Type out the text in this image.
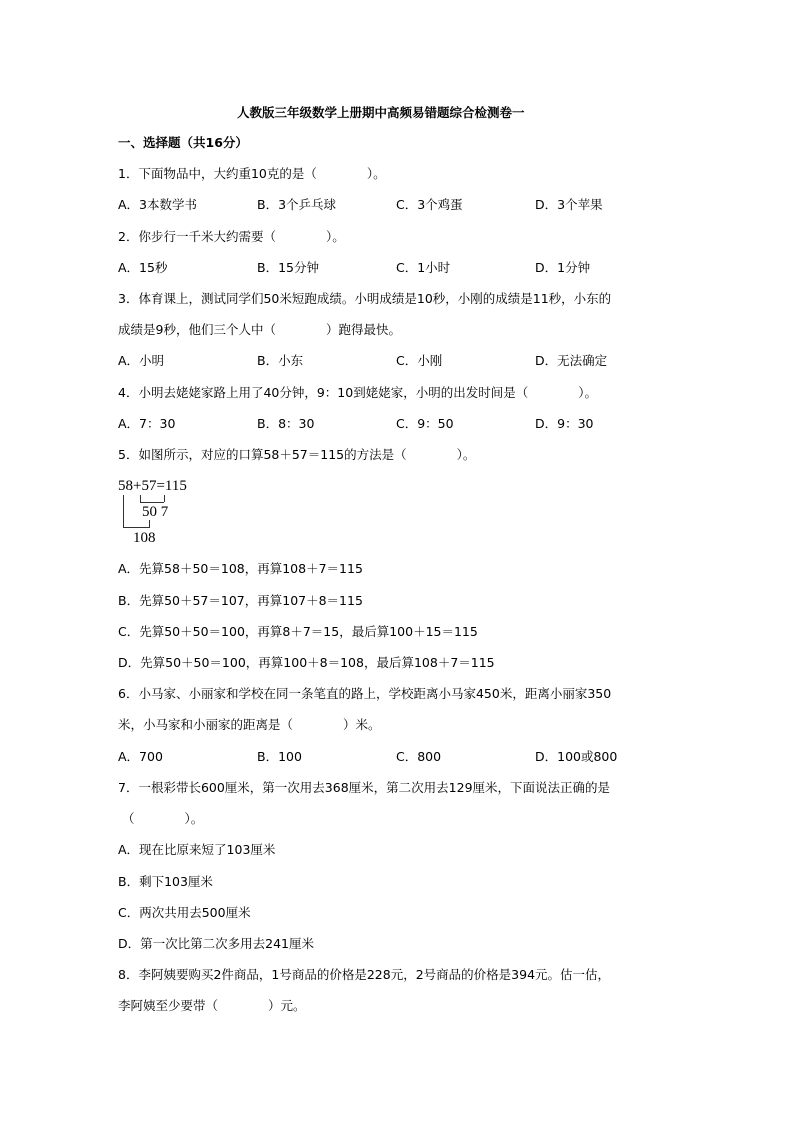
人教版三年级数学上册期中高频易错题综合检测卷一
一、选择题（共16分）
1．下面物品中，大约重10克的是（　　　　）。
A．3本数学书	B．3个乒乓球	C．3个鸡蛋	D．3个苹果
2．你步行一千米大约需要（　　　　）。
A．15秒	B．15分钟	C．1小时	D．1分钟
3．体育课上，测试同学们50米短跑成绩。小明成绩是10秒，小刚的成绩是11秒，小东的
成绩是9秒，他们三个人中（　　　　）跑得最快。
A．小明	B．小东	C．小刚	D．无法确定
4．小明去姥姥家路上用了40分钟，9：10到姥姥家，小明的出发时间是（　　　　）。
A．7：30	B．8：30	C．9：50	D．9：30
5．如图所示，对应的口算58＋57＝115的方法是（　　　　）。
58+57=115
50 7
108
A．先算58＋50＝108，再算108＋7＝115
B．先算50＋57＝107，再算107＋8＝115
C．先算50＋50＝100，再算8＋7＝15，最后算100＋15＝115
D．先算50＋50＝100，再算100＋8＝108，最后算108＋7＝115
6．小马家、小丽家和学校在同一条笔直的路上，学校距离小马家450米，距离小丽家350
米，小马家和小丽家的距离是（　　　　）米。
A．700	B．100	C．800	D．100或800
7．一根彩带长600厘米，第一次用去368厘米，第二次用去129厘米，下面说法正确的是
（　　　　）。
A．现在比原来短了103厘米
B．剩下103厘米
C．两次共用去500厘米
D．第一次比第二次多用去241厘米
8．李阿姨要购买2件商品，1号商品的价格是228元，2号商品的价格是394元。估一估，
李阿姨至少要带（　　　　）元。
